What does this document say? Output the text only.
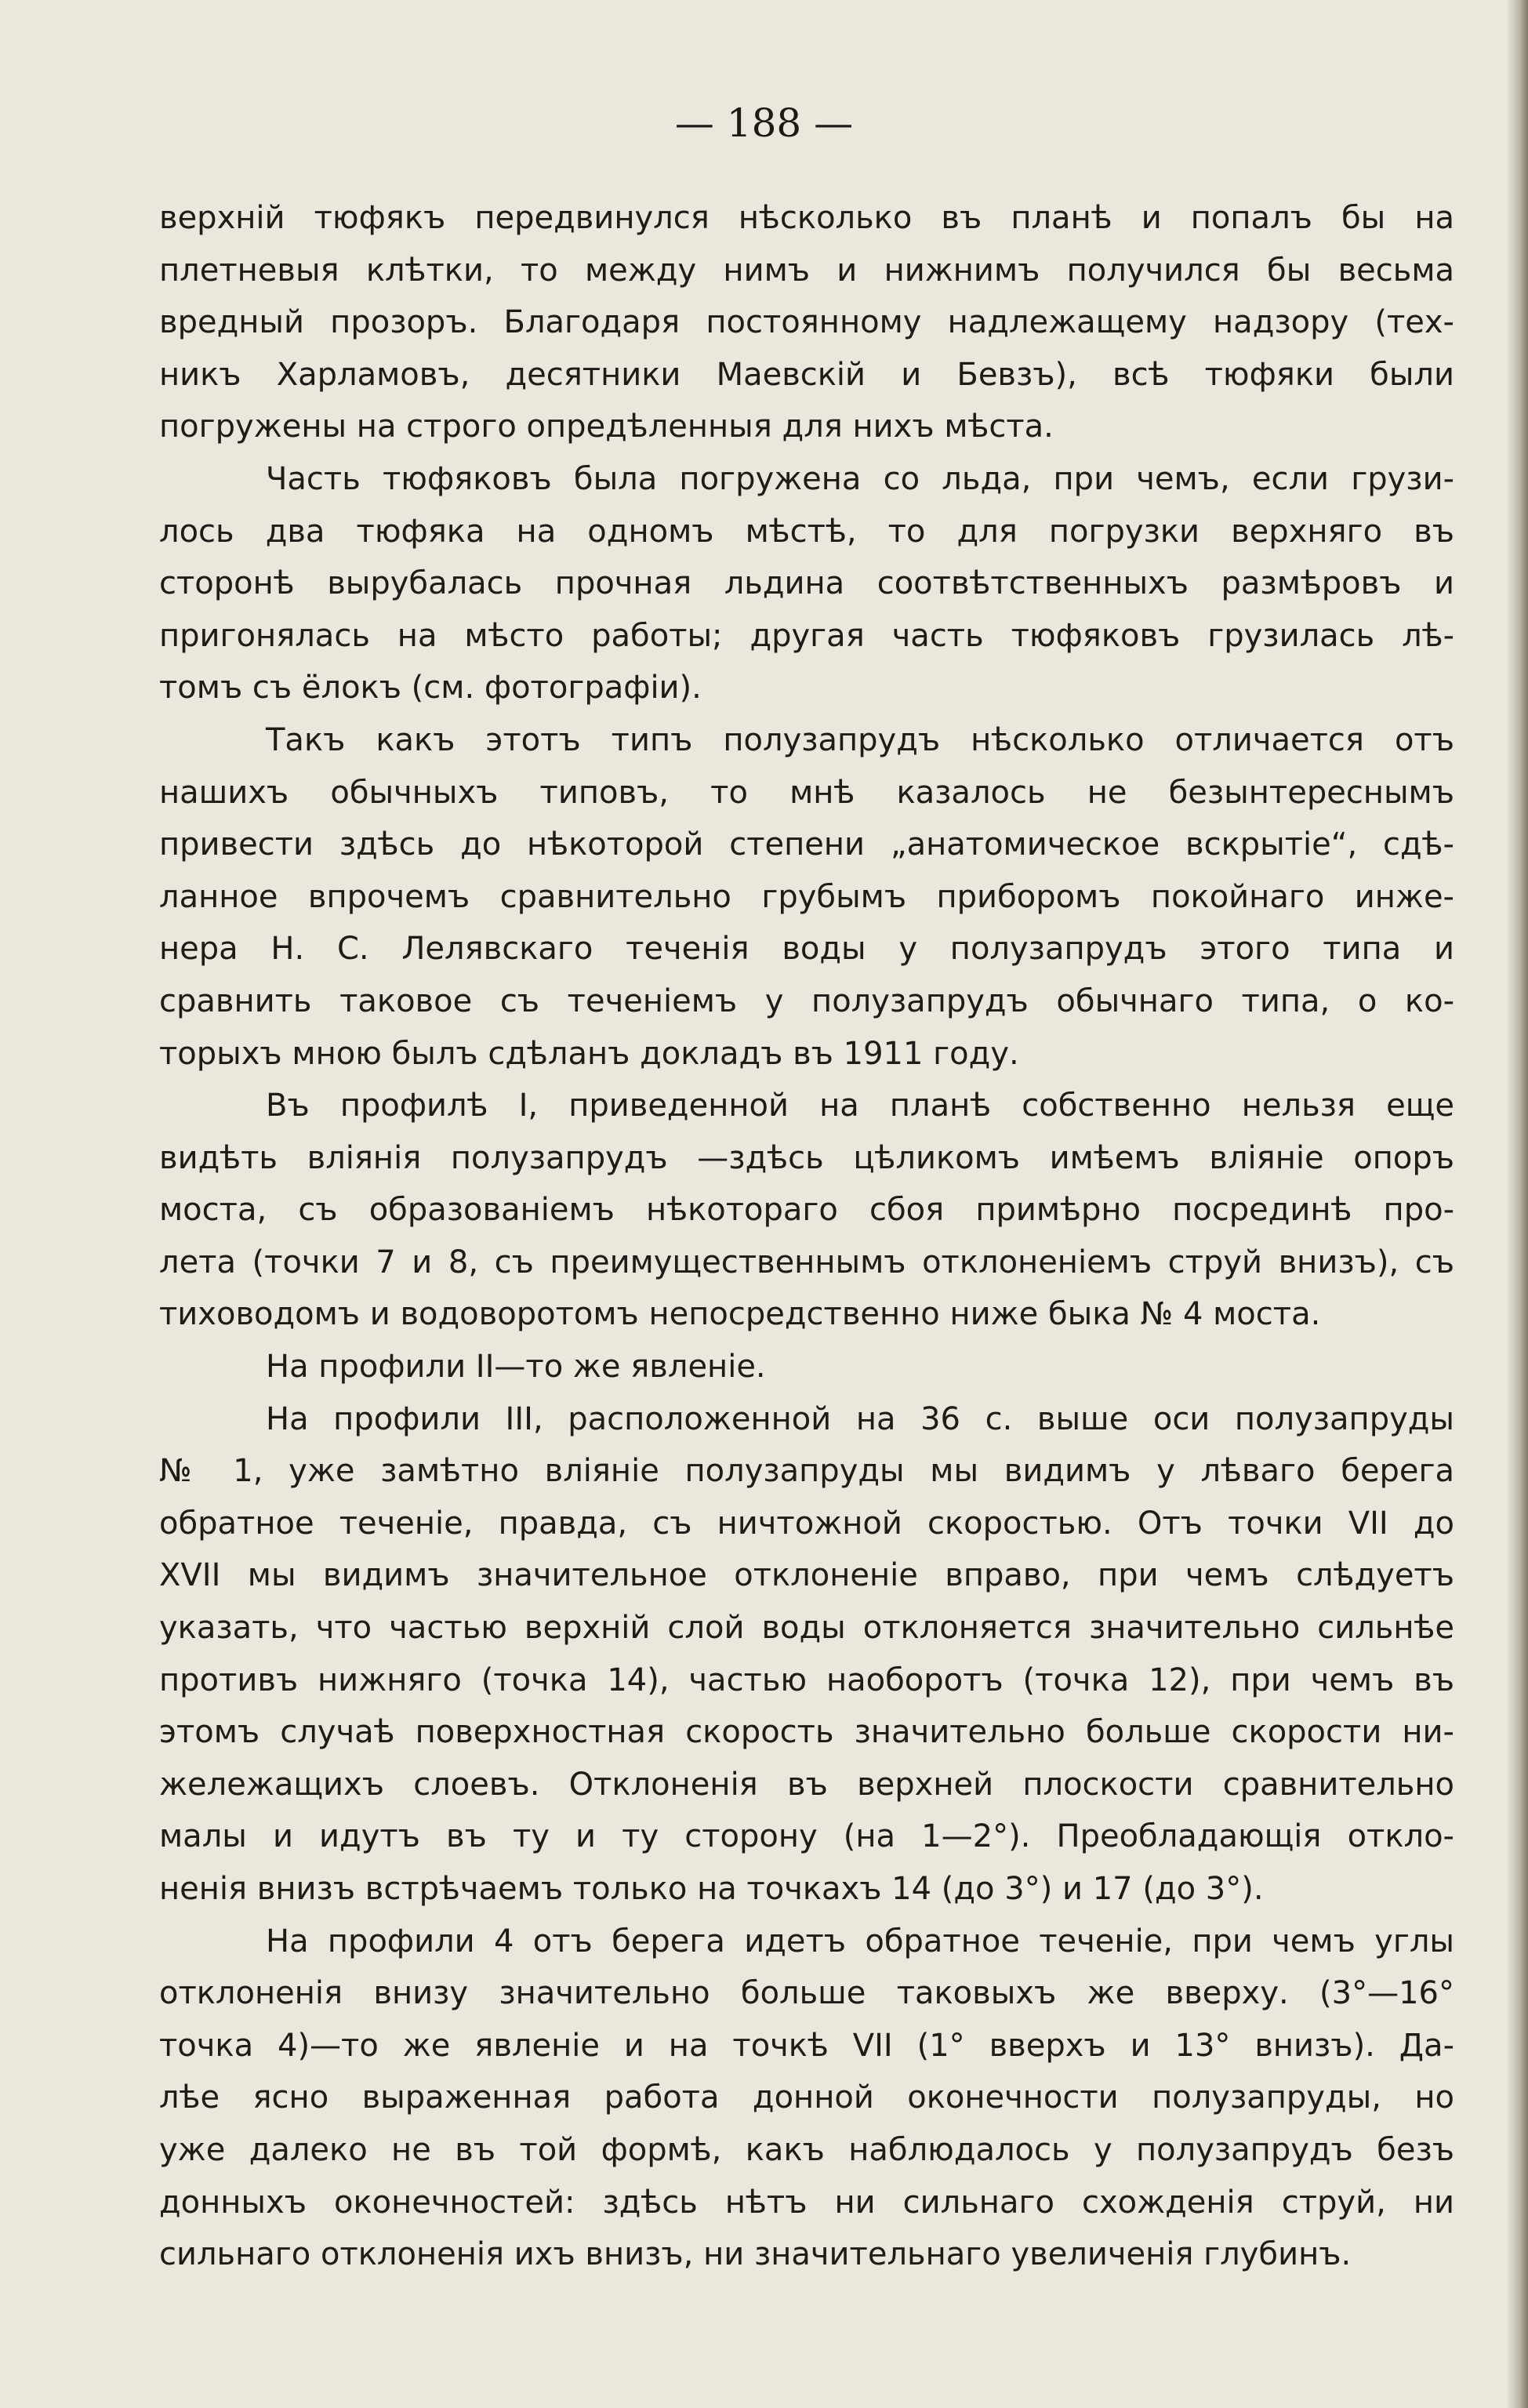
— 188 —
верхній тюфякъ передвинулся нѣсколько въ планѣ и попалъ бы на
плетневыя клѣтки, то между нимъ и нижнимъ получился бы весьма
вредный прозоръ. Благодаря постоянному надлежащему надзору (тех-
никъ Харламовъ, десятники Маевскій и Бевзъ), всѣ тюфяки были
погружены на строго опредѣленныя для нихъ мѣста.
Часть тюфяковъ была погружена со льда, при чемъ, если грузи-
лось два тюфяка на одномъ мѣстѣ, то для погрузки верхняго въ
сторонѣ вырубалась прочная льдина соотвѣтственныхъ размѣровъ и
пригонялась на мѣсто работы; другая часть тюфяковъ грузилась лѣ-
томъ съ ёлокъ (см. фотографіи).
Такъ какъ этотъ типъ полузапрудъ нѣсколько отличается отъ
нашихъ обычныхъ типовъ, то мнѣ казалось не безынтереснымъ
привести здѣсь до нѣкоторой степени „анатомическое вскрытіе“, сдѣ-
ланное впрочемъ сравнительно грубымъ приборомъ покойнаго инже-
нера Н. С. Лелявскаго теченія воды у полузапрудъ этого типа и
сравнить таковое съ теченіемъ у полузапрудъ обычнаго типа, о ко-
торыхъ мною былъ сдѣланъ докладъ въ 1911 году.
Въ профилѣ I, приведенной на планѣ собственно нельзя еще
видѣть вліянія полузапрудъ —здѣсь цѣликомъ имѣемъ вліяніе опоръ
моста, съ образованіемъ нѣкотораго сбоя примѣрно посрединѣ про-
лета (точки 7 и 8, съ преимущественнымъ отклоненіемъ струй внизъ), съ
тиховодомъ и водоворотомъ непосредственно ниже быка № 4 моста.
На профили II—то же явленіе.
На профили III, расположенной на 36 с. выше оси полузапруды
№ 1, уже замѣтно вліяніе полузапруды мы видимъ у лѣваго берега
обратное теченіе, правда, съ ничтожной скоростью. Отъ точки VII до
XVII мы видимъ значительное отклоненіе вправо, при чемъ слѣдуетъ
указать, что частью верхній слой воды отклоняется значительно сильнѣе
противъ нижняго (точка 14), частью наоборотъ (точка 12), при чемъ въ
этомъ случаѣ поверхностная скорость значительно больше скорости ни-
жележащихъ слоевъ. Отклоненія въ верхней плоскости сравнительно
малы и идутъ въ ту и ту сторону (на 1—2°). Преобладающія откло-
ненія внизъ встрѣчаемъ только на точкахъ 14 (до 3°) и 17 (до 3°).
На профили 4 отъ берега идетъ обратное теченіе, при чемъ углы
отклоненія внизу значительно больше таковыхъ же вверху. (3°—16°
точка 4)—то же явленіе и на точкѣ VII (1° вверхъ и 13° внизъ). Да-
лѣе ясно выраженная работа донной оконечности полузапруды, но
уже далеко не въ той формѣ, какъ наблюдалось у полузапрудъ безъ
донныхъ оконечностей: здѣсь нѣтъ ни сильнаго схожденія струй, ни
сильнаго отклоненія ихъ внизъ, ни значительнаго увеличенія глубинъ.
